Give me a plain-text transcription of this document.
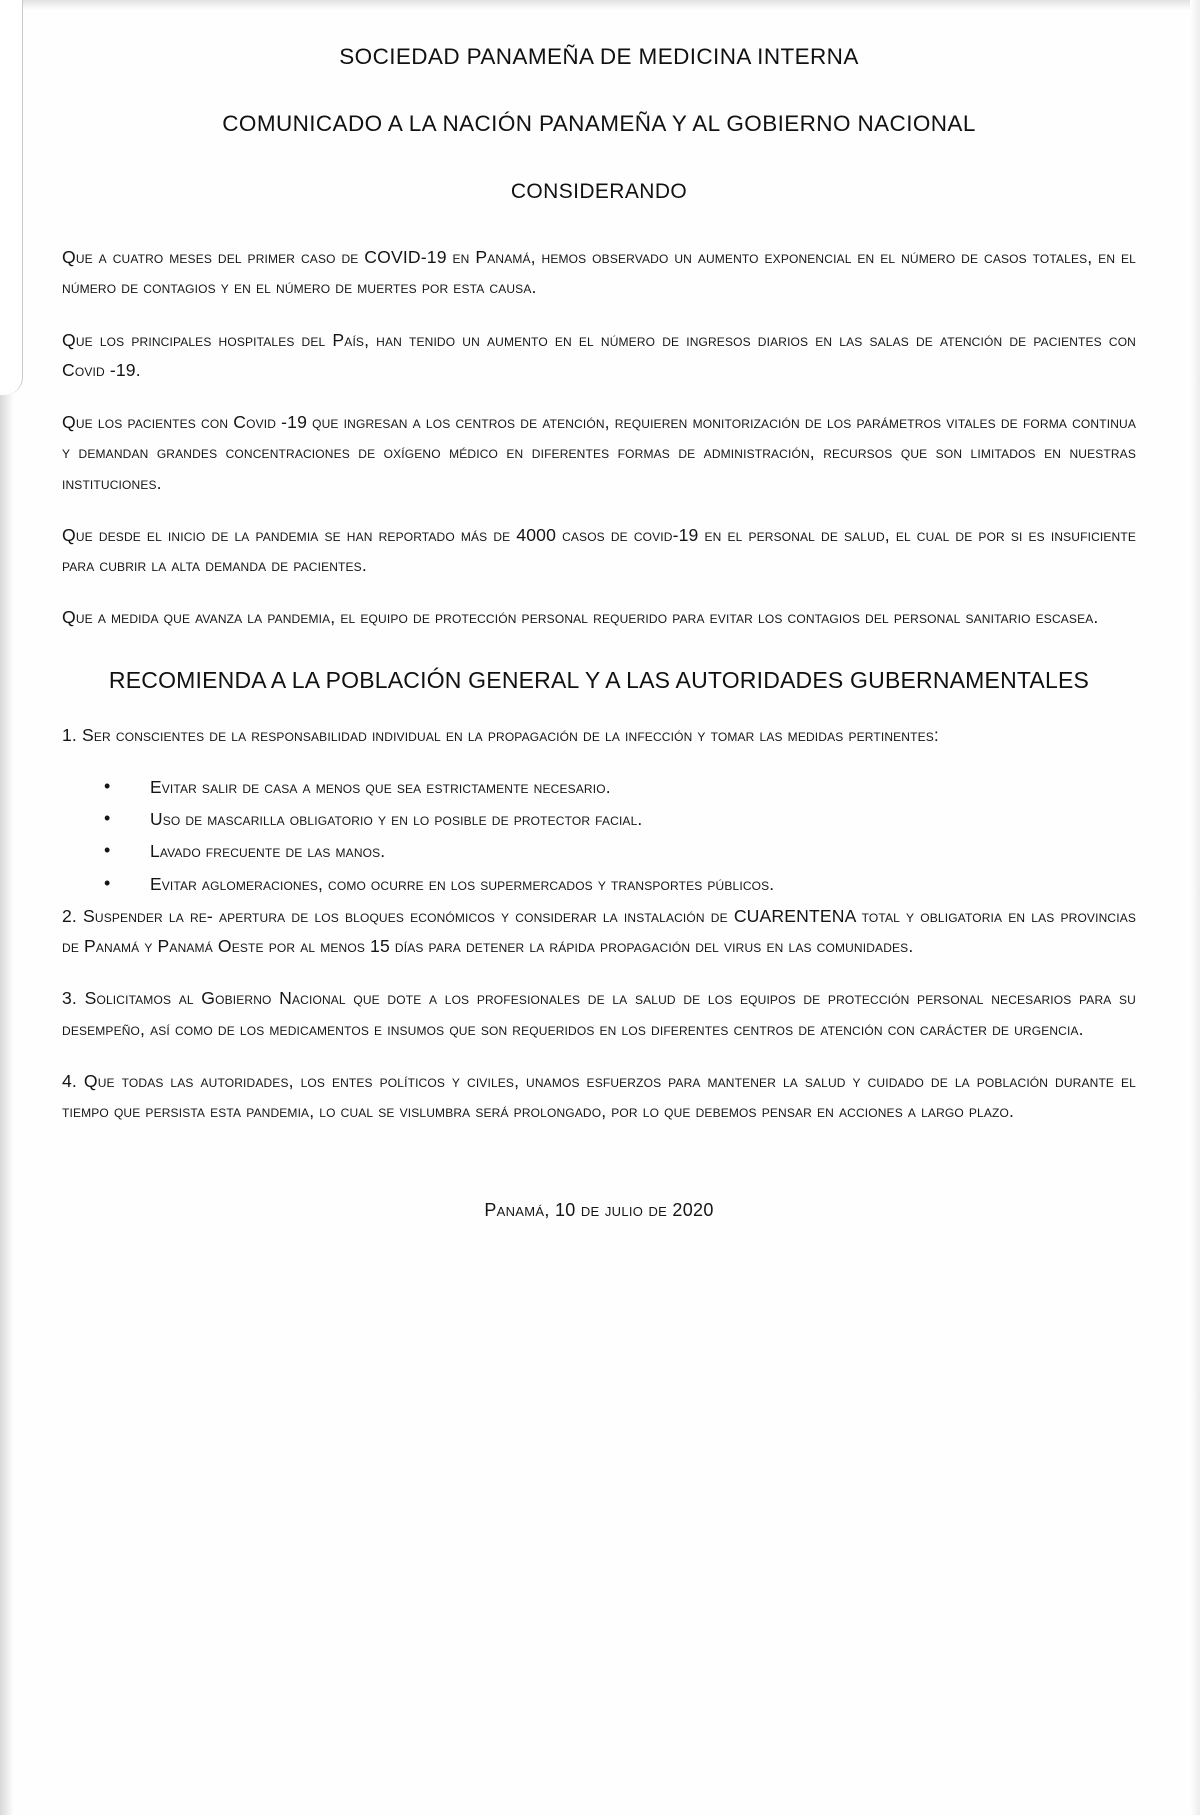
SOCIEDAD PANAMEÑA DE MEDICINA INTERNA
COMUNICADO A LA NACIÓN PANAMEÑA Y AL GOBIERNO NACIONAL
CONSIDERANDO

Que a cuatro meses del primer caso de COVID-19 en Panamá, hemos observado un aumento exponencial en el número de casos totales, en el número de contagios y en el número de muertes por esta causa.

Que los principales hospitales del País, han tenido un aumento en el número de ingresos diarios en las salas de atención de pacientes con Covid -19.

Que los pacientes con Covid -19 que ingresan a los centros de atención, requieren monitorización de los parámetros vitales de forma continua y demandan grandes concentraciones de oxígeno médico en diferentes formas de administración, recursos que son limitados en nuestras instituciones.

Que desde el inicio de la pandemia se han reportado más de 4000 casos de covid-19 en el personal de salud, el cual de por si es insuficiente para cubrir la alta demanda de pacientes.

Que a medida que avanza la pandemia, el equipo de protección personal requerido para evitar los contagios del personal sanitario escasea.

RECOMIENDA A LA POBLACIÓN GENERAL Y A LAS AUTORIDADES GUBERNAMENTALES

1. Ser conscientes de la responsabilidad individual en la propagación de la infección y tomar las medidas pertinentes:

• Evitar salir de casa a menos que sea estrictamente necesario.
• Uso de mascarilla obligatorio y en lo posible de protector facial.
• Lavado frecuente de las manos.
• Evitar aglomeraciones, como ocurre en los supermercados y transportes públicos.

2. Suspender la re- apertura de los bloques económicos y considerar la instalación de CUARENTENA total y obligatoria en las provincias de Panamá y Panamá Oeste por al menos 15 días para detener la rápida propagación del virus en las comunidades.

3. Solicitamos al Gobierno Nacional que dote a los profesionales de la salud de los equipos de protección personal necesarios para su desempeño, así como de los medicamentos e insumos que son requeridos en los diferentes centros de atención con carácter de urgencia.

4. Que todas las autoridades, los entes políticos y civiles, unamos esfuerzos para mantener la salud y cuidado de la población durante el tiempo que persista esta pandemia, lo cual se vislumbra será prolongado, por lo que debemos pensar en acciones a largo plazo.

Panamá, 10 de julio de 2020
